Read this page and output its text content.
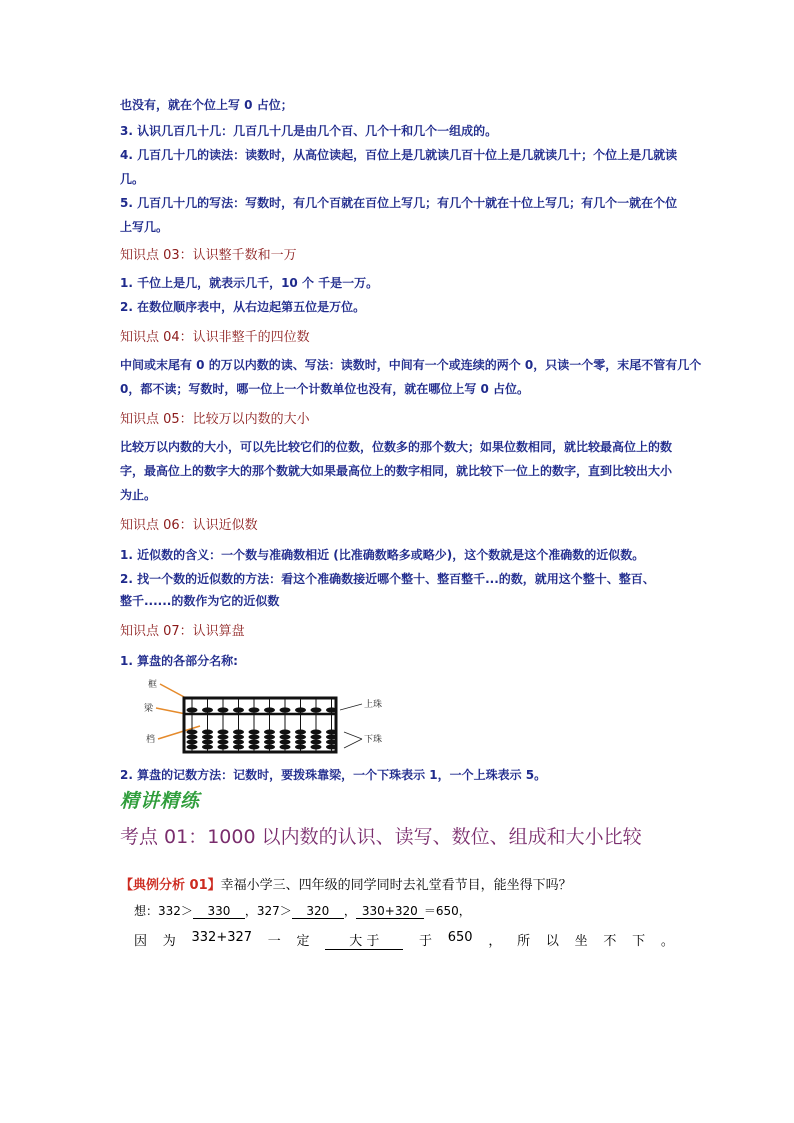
也没有，就在个位上写 0 占位；
3. 认识几百几十几：几百几十几是由几个百、几个十和几个一组成的。
4. 几百几十几的读法：读数时，从高位读起，百位上是几就读几百十位上是几就读几十；个位上是几就读
几。
5. 几百几十几的写法：写数时，有几个百就在百位上写几；有几个十就在十位上写几；有几个一就在个位
上写几。
知识点 03：认识整千数和一万
1. 千位上是几，就表示几千，10 个 千是一万。
2. 在数位顺序表中，从右边起第五位是万位。
知识点 04：认识非整千的四位数
中间或末尾有 0 的万以内数的读、写法：读数时，中间有一个或连续的两个 0，只读一个零，末尾不管有几个
0，都不读；写数时，哪一位上一个计数单位也没有，就在哪位上写 0 占位。
知识点 05：比较万以内数的大小
比较万以内数的大小，可以先比较它们的位数，位数多的那个数大；如果位数相同，就比较最高位上的数
字，最高位上的数字大的那个数就大如果最高位上的数字相同，就比较下一位上的数字，直到比较出大小
为止。
知识点 06：认识近似数
1. 近似数的含义：一个数与准确数相近 (比准确数略多或略少)，这个数就是这个准确数的近似数。
2. 找一个数的近似数的方法：看这个准确数接近哪个整十、整百整千...的数，就用这个整十、整百、
整千......的数作为它的近似数
知识点 07：认识算盘
1. 算盘的各部分名称:
框
梁
档
上珠
下珠
2. 算盘的记数方法：记数时，要拨珠靠梁，一个下珠表示 1，一个上珠表示 5。
精讲精练
考点 01：1000 以内数的认识、读写、数位、组成和大小比较
【典例分析 01】幸福小学三、四年级的同学同时去礼堂看节目，能坐得下吗？
想：332＞ 330 ，327＞ 320 ， 330+320 ＝650，
因 为 332+327 一 定	大 于	于 650 ， 所 以 坐 不 下 。
